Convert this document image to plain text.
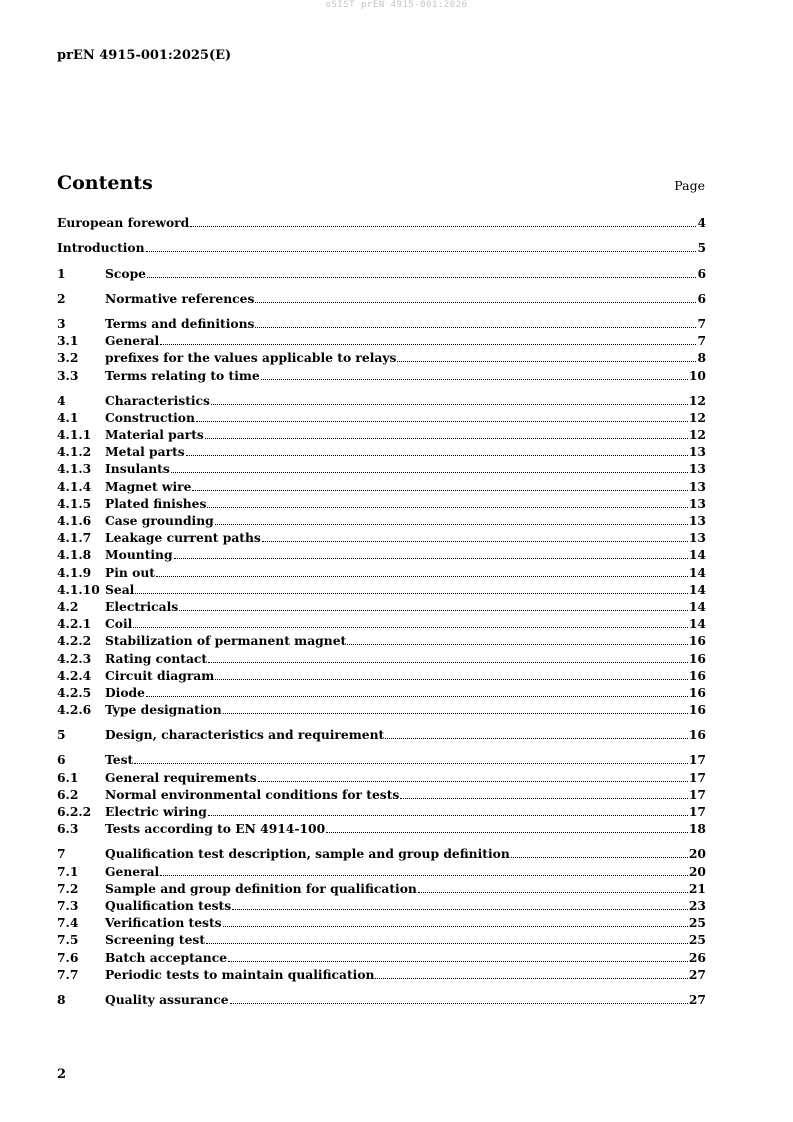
oSIST prEN 4915-001:2026
prEN 4915-001:2025(E)
Contents	Page
European foreword	4
Introduction	5
1	Scope	6
2	Normative references	6
3	Terms and definitions	7
3.1	General	7
3.2	prefixes for the values applicable to relays	8
3.3	Terms relating to time	10
4	Characteristics	12
4.1	Construction	12
4.1.1	Material parts	12
4.1.2	Metal parts	13
4.1.3	Insulants	13
4.1.4	Magnet wire	13
4.1.5	Plated finishes	13
4.1.6	Case grounding	13
4.1.7	Leakage current paths	13
4.1.8	Mounting	14
4.1.9	Pin out	14
4.1.10 Seal	14
4.2	Electricals	14
4.2.1	Coil	14
4.2.2	Stabilization of permanent magnet	16
4.2.3	Rating contact	16
4.2.4	Circuit diagram	16
4.2.5	Diode	16
4.2.6	Type designation	16
5	Design, characteristics and requirement	16
6	Test	17
6.1	General requirements	17
6.2	Normal environmental conditions for tests	17
6.2.2	Electric wiring	17
6.3	Tests according to EN 4914-100	18
7	Qualification test description, sample and group definition	20
7.1	General	20
7.2	Sample and group definition for qualification	21
7.3	Qualification tests	23
7.4	Verification tests	25
7.5	Screening test	25
7.6	Batch acceptance	26
7.7	Periodic tests to maintain qualification	27
8	Quality assurance	27
2
